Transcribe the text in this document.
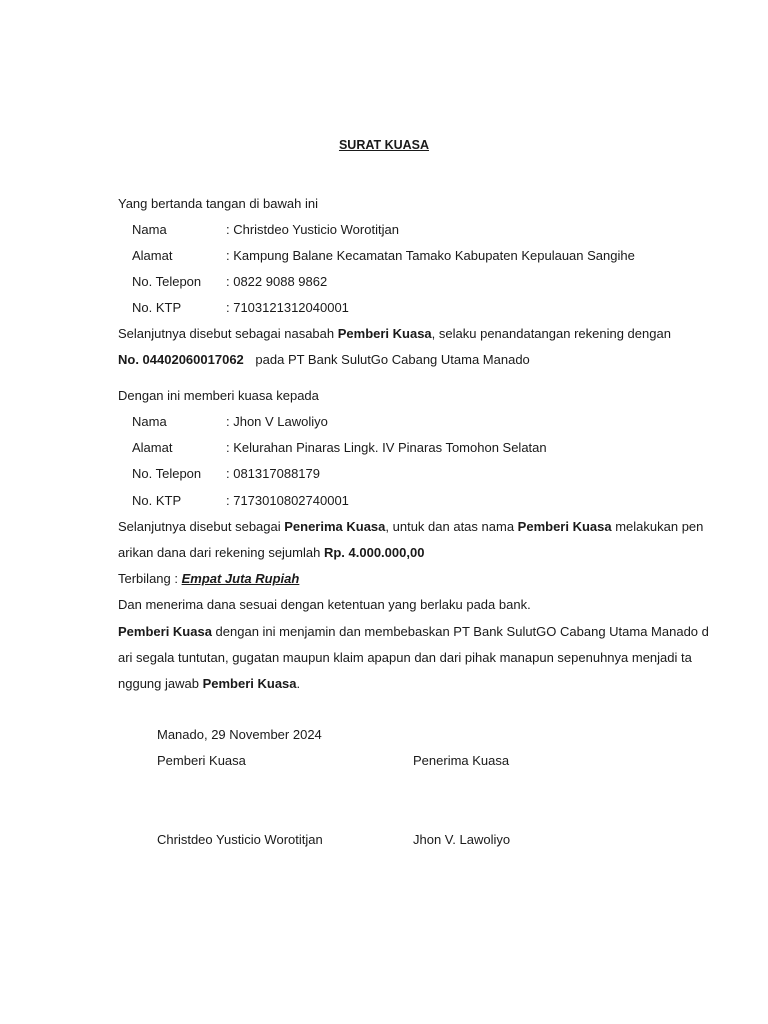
SURAT KUASA
Yang bertanda tangan di bawah ini
Nama	: Christdeo Yusticio Worotitjan
Alamat	: Kampung Balane Kecamatan Tamako Kabupaten Kepulauan Sangihe
No. Telepon : 0822 9088 9862
No. KTP	: 7103121312040001
Selanjutnya disebut sebagai nasabah Pemberi Kuasa, selaku penandatangan rekening dengan
No. 04402060017062 pada PT Bank SulutGo Cabang Utama Manado
Dengan ini memberi kuasa kepada
Nama	: Jhon V Lawoliyo
Alamat	: Kelurahan Pinaras Lingk. IV Pinaras Tomohon Selatan
No. Telepon : 081317088179
No. KTP	: 7173010802740001
Selanjutnya disebut sebagai Penerima Kuasa, untuk dan atas nama Pemberi Kuasa melakukan pen
arikan dana dari rekening sejumlah Rp. 4.000.000,00
Terbilang : Empat Juta Rupiah
Dan menerima dana sesuai dengan ketentuan yang berlaku pada bank.
Pemberi Kuasa dengan ini menjamin dan membebaskan PT Bank SulutGO Cabang Utama Manado d
ari segala tuntutan, gugatan maupun klaim apapun dan dari pihak manapun sepenuhnya menjadi ta
nggung jawab Pemberi Kuasa.
Manado, 29 November 2024
Pemberi Kuasa	Penerima Kuasa
Christdeo Yusticio Worotitjan	Jhon V. Lawoliyo
